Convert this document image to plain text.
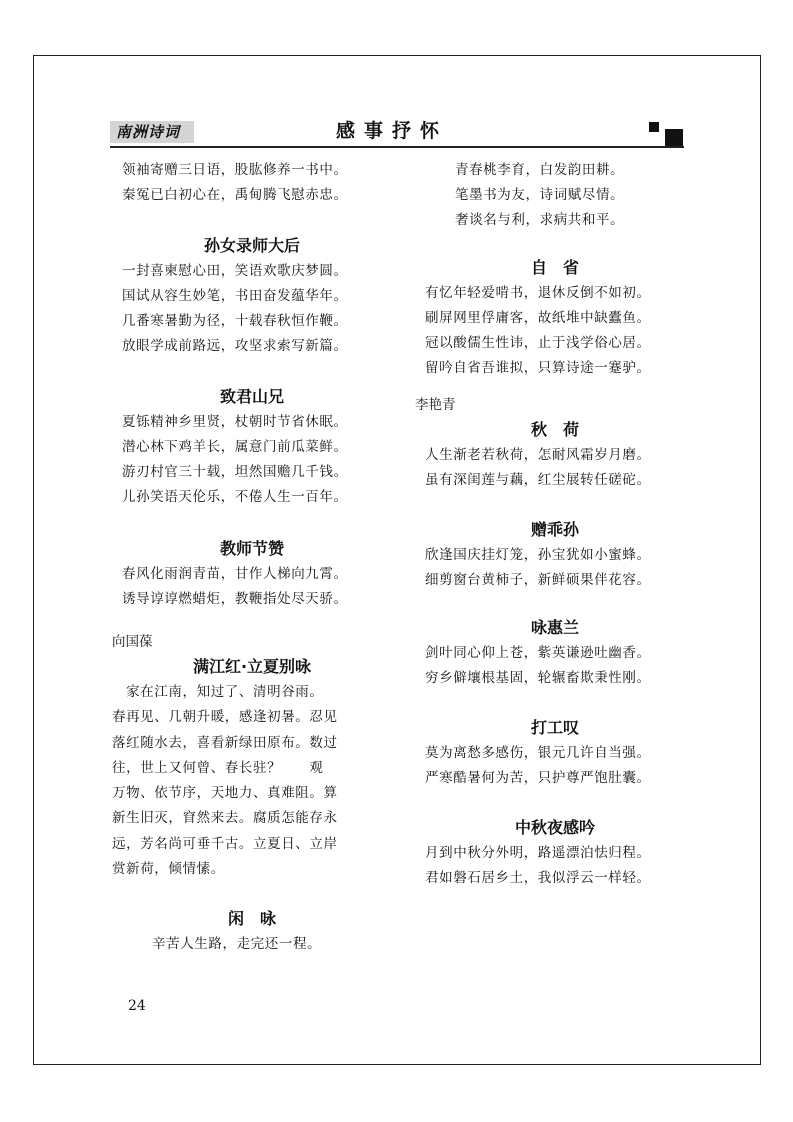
南洲诗词	感事抒怀
领袖寄赠三日语，股肱修养一书中。
秦冤已白初心在，禹甸腾飞慰赤忠。
孙女录师大后
一封喜柬慰心田，笑语欢歌庆梦圆。
国试从容生妙笔，书田奋发蕴华年。
几番寒暑勤为径，十载春秋恒作鞭。
放眼学成前路远，攻坚求索写新篇。
致君山兄
夏铄精神乡里贤，杖朝时节省休眠。
潜心林下鸡羊长，属意门前瓜菜鲜。
游刃村官三十载，坦然国赡几千钱。
儿孙笑语天伦乐，不倦人生一百年。
教师节赞
春风化雨润青苗，甘作人梯向九霄。
诱导谆谆燃蜡炬，教鞭指处尽天骄。
向国葆
满江红·立夏别咏
　家在江南，知过了、清明谷雨。
春再见、几朝升暖，感逢初暑。忍见
落红随水去，喜看新绿田原布。数过
往，世上又何曾、春长驻？　　观
万物、依节序，天地力、真难阻。算
新生旧灭，窅然来去。腐质怎能存永
远，芳名尚可垂千古。立夏日、立岸
赏新荷，倾情愫。
闲　咏
辛苦人生路，走完还一程。
青春桃李育，白发韵田耕。
笔墨书为友，诗词赋尽情。
奢谈名与利，求病共和平。
自　省
有忆年轻爱啃书，退休反倒不如初。
刷屏网里俘庸客，故纸堆中缺蠹鱼。
冠以酸儒生性讳，止于浅学俗心居。
留吟自省吾谁拟，只算诗途一蹇驴。
李艳青
秋　荷
人生渐老若秋荷，怎耐风霜岁月磨。
虽有深闺莲与藕，红尘展转任磋砣。
赠乖孙
欣逢国庆挂灯笼，孙宝犹如小蜜蜂。
细剪窗台黄柿子，新鲜硕果伴花容。
咏惠兰
剑叶同心仰上苍，紫英谦逊吐幽香。
穷乡僻壤根基固，轮辗畜欺秉性刚。
打工叹
莫为离愁多感伤，银元几许自当强。
严寒酷暑何为苦，只护尊严饱肚囊。
中秋夜感吟
月到中秋分外明，路遥漂泊怯归程。
君如磐石居乡土，我似浮云一样轻。
24
